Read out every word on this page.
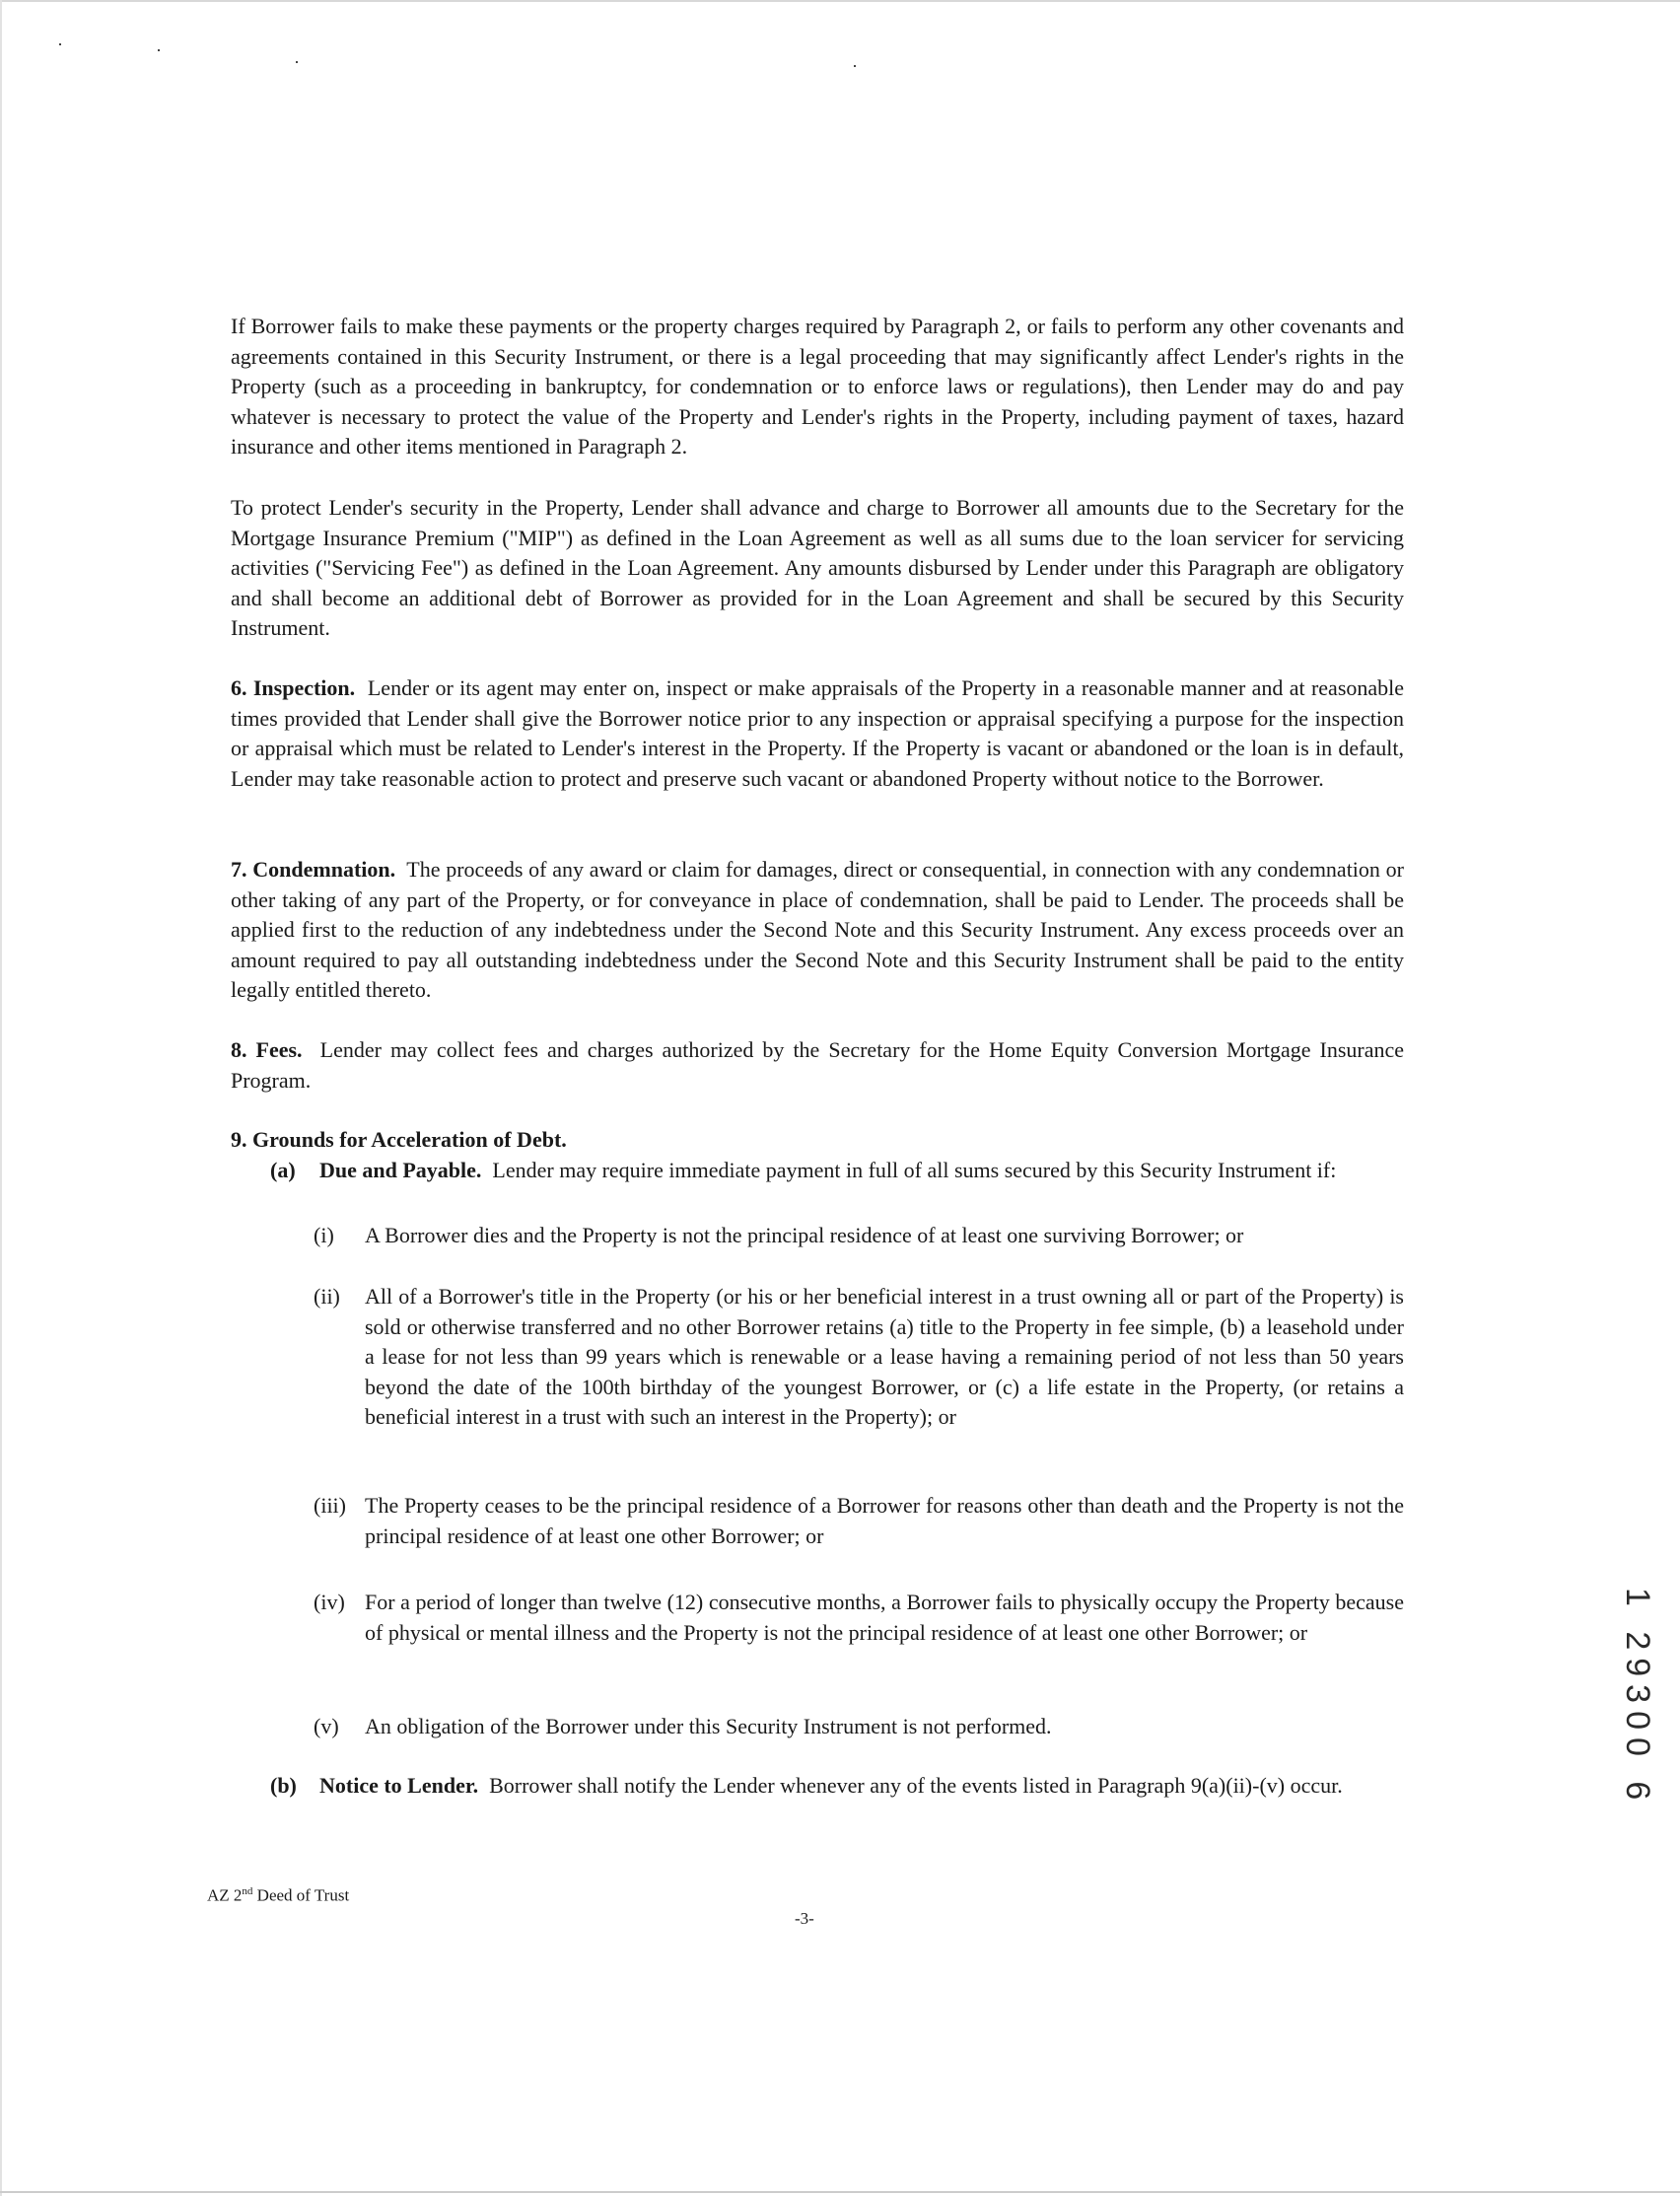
If Borrower fails to make these payments or the property charges required by Paragraph 2, or fails to perform any other covenants and agreements contained in this Security Instrument, or there is a legal proceeding that may significantly affect Lender's rights in the Property (such as a proceeding in bankruptcy, for condemnation or to enforce laws or regulations), then Lender may do and pay whatever is necessary to protect the value of the Property and Lender's rights in the Property, including payment of taxes, hazard insurance and other items mentioned in Paragraph 2.

To protect Lender's security in the Property, Lender shall advance and charge to Borrower all amounts due to the Secretary for the Mortgage Insurance Premium ("MIP") as defined in the Loan Agreement as well as all sums due to the loan servicer for servicing activities ("Servicing Fee") as defined in the Loan Agreement. Any amounts disbursed by Lender under this Paragraph are obligatory and shall become an additional debt of Borrower as provided for in the Loan Agreement and shall be secured by this Security Instrument.

6. Inspection. Lender or its agent may enter on, inspect or make appraisals of the Property in a reasonable manner and at reasonable times provided that Lender shall give the Borrower notice prior to any inspection or appraisal specifying a purpose for the inspection or appraisal which must be related to Lender's interest in the Property. If the Property is vacant or abandoned or the loan is in default, Lender may take reasonable action to protect and preserve such vacant or abandoned Property without notice to the Borrower.

7. Condemnation. The proceeds of any award or claim for damages, direct or consequential, in connection with any condemnation or other taking of any part of the Property, or for conveyance in place of condemnation, shall be paid to Lender. The proceeds shall be applied first to the reduction of any indebtedness under the Second Note and this Security Instrument. Any excess proceeds over an amount required to pay all outstanding indebtedness under the Second Note and this Security Instrument shall be paid to the entity legally entitled thereto.

8. Fees. Lender may collect fees and charges authorized by the Secretary for the Home Equity Conversion Mortgage Insurance Program.

9. Grounds for Acceleration of Debt.

(a) Due and Payable. Lender may require immediate payment in full of all sums secured by this Security Instrument if:
(i) A Borrower dies and the Property is not the principal residence of at least one surviving Borrower; or
(ii) All of a Borrower's title in the Property (or his or her beneficial interest in a trust owning all or part of the Property) is sold or otherwise transferred and no other Borrower retains (a) title to the Property in fee simple, (b) a leasehold under a lease for not less than 99 years which is renewable or a lease having a remaining period of not less than 50 years beyond the date of the 100th birthday of the youngest Borrower, or (c) a life estate in the Property, (or retains a beneficial interest in a trust with such an interest in the Property); or
(iii) The Property ceases to be the principal residence of a Borrower for reasons other than death and the Property is not the principal residence of at least one other Borrower; or
(iv) For a period of longer than twelve (12) consecutive months, a Borrower fails to physically occupy the Property because of physical or mental illness and the Property is not the principal residence of at least one other Borrower; or
(v) An obligation of the Borrower under this Security Instrument is not performed.
(b) Notice to Lender. Borrower shall notify the Lender whenever any of the events listed in Paragraph 9(a)(ii)-(v) occur.
AZ 2nd Deed of Trust
-3-
1 29300 6
